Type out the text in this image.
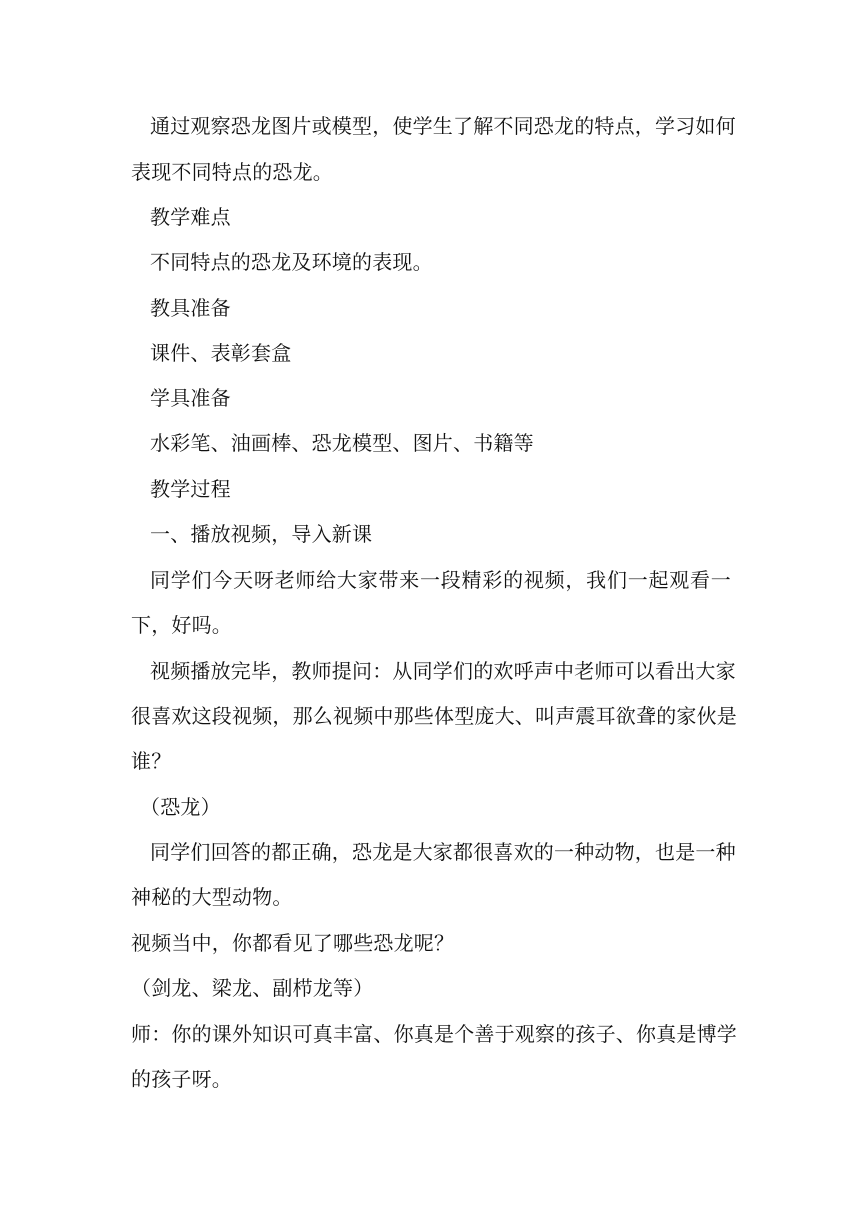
通过观察恐龙图片或模型，使学生了解不同恐龙的特点，学习如何
表现不同特点的恐龙。
教学难点
不同特点的恐龙及环境的表现。
教具准备
课件、表彰套盒
学具准备
水彩笔、油画棒、恐龙模型、图片、书籍等
教学过程
一、播放视频，导入新课
同学们今天呀老师给大家带来一段精彩的视频，我们一起观看一
下，好吗。
视频播放完毕，教师提问：从同学们的欢呼声中老师可以看出大家
很喜欢这段视频，那么视频中那些体型庞大、叫声震耳欲聋的家伙是
谁？
（恐龙）
同学们回答的都正确，恐龙是大家都很喜欢的一种动物，也是一种
神秘的大型动物。
视频当中，你都看见了哪些恐龙呢？
（剑龙、梁龙、副栉龙等）
师：你的课外知识可真丰富、你真是个善于观察的孩子、你真是博学
的孩子呀。
